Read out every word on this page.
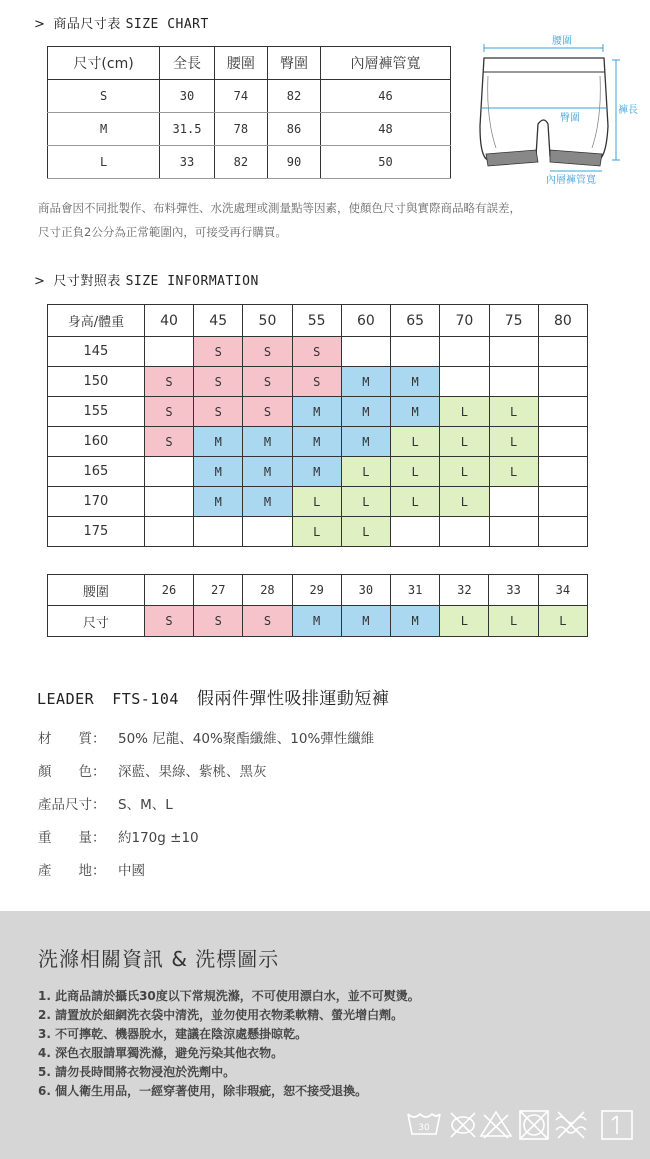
> 商品尺寸表 SIZE CHART
尺寸(cm)	全長	腰圍	臀圍	內層褲管寬
S	30	74	82	46
M	31.5	78	86	48
L	33	82	90	50
腰圍
臀圍
褲長
內層褲管寬
商品會因不同批製作、布料彈性、水洗處理或測量點等因素，使顏色尺寸與實際商品略有誤差，
尺寸正負2公分為正常範圍內，可接受再行購買。
> 尺寸對照表 SIZE INFORMATION
身高/體重	40	45	50	55	60	65	70	75	80
145		S	S	S					
150	S	S	S	S	M	M			
155	S	S	S	M	M	M	L	L	
160	S	M	M	M	M	L	L	L	
165		M	M	M	L	L	L	L	
170		M	M	L	L	L	L		
175				L	L				
腰圍	26	27	28	29	30	31	32	33	34
尺寸	S	S	S	M	M	M	L	L	L
LEADER FTS-104 假兩件彈性吸排運動短褲
材　　質： 50% 尼龍、40%聚酯纖維、10%彈性纖維
顏　　色： 深藍、果綠、紫桃、黑灰
產品尺寸： S、M、L
重　　量： 約170g ±10
產　　地： 中國
洗滌相關資訊 & 洗標圖示
1. 此商品請於攝氏30度以下常規洗滌，不可使用漂白水，並不可熨燙。
2. 請置放於細網洗衣袋中清洗，並勿使用衣物柔軟精、螢光增白劑。
3. 不可擰乾、機器脫水，建議在陰涼處懸掛晾乾。
4. 深色衣服請單獨洗滌，避免污染其他衣物。
5. 請勿長時間將衣物浸泡於洗劑中。
6. 個人衛生用品，一經穿著使用，除非瑕疵，恕不接受退換。
30
